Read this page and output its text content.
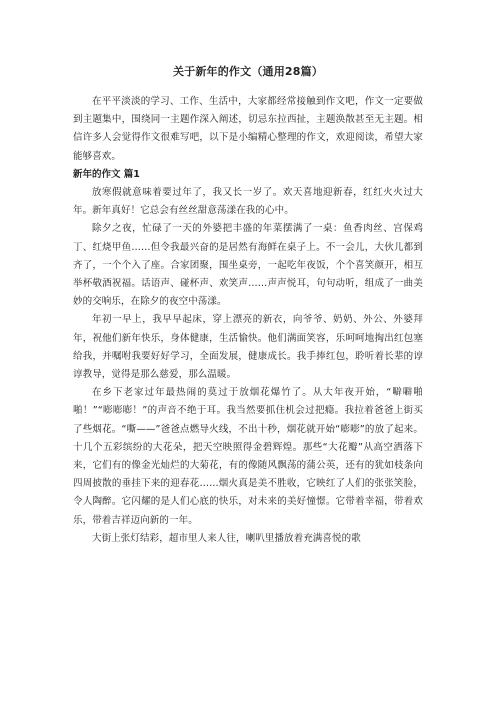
关于新年的作文（通用28篇）

在平平淡淡的学习、工作、生活中，大家都经常接触到作文吧，作文一定要做到主题集中，围绕同一主题作深入阐述，切忌东拉西扯，主题涣散甚至无主题。相信许多人会觉得作文很难写吧，以下是小编精心整理的作文，欢迎阅读，希望大家能够喜欢。

新年的作文 篇1

放寒假就意味着要过年了，我又长一岁了。欢天喜地迎新春，红红火火过大年。新年真好！它总会有丝丝甜意荡漾在我的心中。

除夕之夜，忙碌了一天的外婆把丰盛的年菜摆满了一桌：鱼香肉丝、宫保鸡丁、红烧甲鱼……但令我最兴奋的是居然有海鲜在桌子上。不一会儿，大伙儿都到齐了，一个个入了座。合家团聚，围坐桌旁，一起吃年夜饭，个个喜笑颜开，相互举杯敬酒祝福。话语声、碰杯声、欢笑声……声声悦耳，句句动听，组成了一曲美妙的交响乐，在除夕的夜空中荡漾。

年初一早上，我早早起床，穿上漂亮的新衣，向爷爷、奶奶、外公、外婆拜年，祝他们新年快乐，身体健康，生活愉快。他们满面笑容，乐呵呵地掏出红包塞给我，并嘱咐我要好好学习，全面发展，健康成长。我手捧红包，聆听着长辈的谆谆教导，觉得是那么慈爱，那么温暖。

在乡下老家过年最热闹的莫过于放烟花爆竹了。从大年夜开始，“噼噼啪啪！”“嘭嘭嘭！”的声音不绝于耳。我当然要抓住机会过把瘾。我拉着爸爸上街买了些烟花。“嘶——”爸爸点燃导火线，不出十秒，烟花就开始“嘭嘭”的放了起来。十几个五彩缤纷的大花朵，把天空映照得金碧辉煌。那些“大花瓣”从高空洒落下来，它们有的像金光灿烂的大菊花，有的像随风飘荡的蒲公英，还有的犹如枝条向四周披散的垂挂下来的迎春花……烟火真是美不胜收，它映红了人们的张张笑脸，令人陶醉。它闪耀的是人们心底的快乐，对未来的美好憧憬。它带着幸福，带着欢乐，带着吉祥迈向新的一年。

大街上张灯结彩，超市里人来人往，喇叭里播放着充满喜悦的歌
